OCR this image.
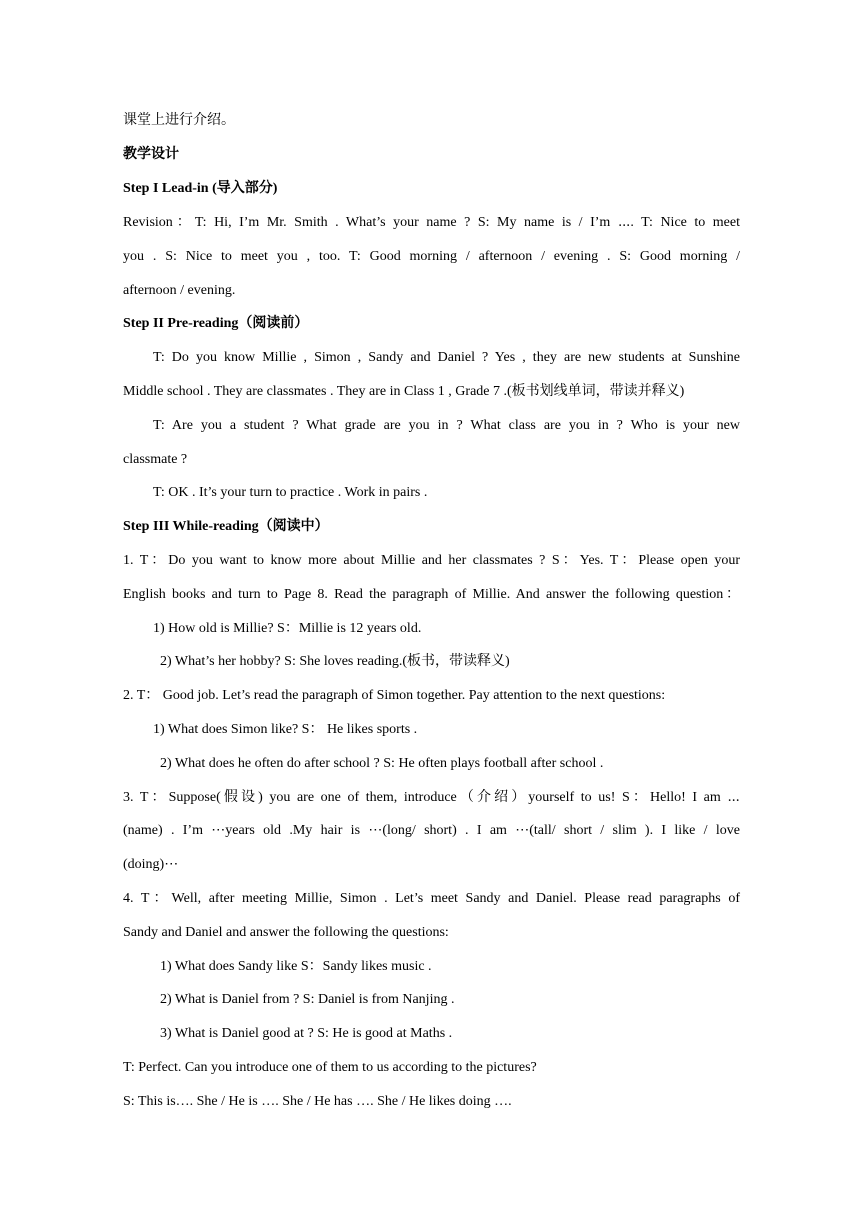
课堂上进行介绍。
教学设计
Step I Lead-in (导入部分)
Revision：T: Hi, I’m Mr. Smith . What’s your name ? S: My name is / I’m ⋯. T: Nice to meet
you . S: Nice to meet you , too. T: Good morning / afternoon / evening . S: Good morning /
afternoon / evening.
Step II Pre-reading（阅读前）
T: Do you know Millie , Simon , Sandy and Daniel ? Yes , they are new students at Sunshine
Middle school . They are classmates . They are in Class 1 , Grade 7 .(板书划线单词，带读并释义)
T: Are you a student ? What grade are you in ? What class are you in ? Who is your new
classmate ?
T: OK . It’s your turn to practice . Work in pairs .
Step III While-reading（阅读中）
1. T：Do you want to know more about Millie and her classmates ? S：Yes. T：Please open your
English books and turn to Page 8. Read the paragraph of Millie. And answer the following question：
1) How old is Millie? S：Millie is 12 years old.
2) What’s her hobby? S: She loves reading.(板书，带读释义)
2. T： Good job. Let’s read the paragraph of Simon together. Pay attention to the next questions:
1) What does Simon like? S： He likes sports .
2) What does he often do after school ? S: He often plays football after school .
3. T：Suppose(假设) you are one of them, introduce（介绍）yourself to us! S：Hello! I am ⋯
(name) . I’m ⋯years old .My hair is ⋯(long/ short) . I am ⋯(tall/ short / slim ). I like / love
(doing)⋯
4. T：Well, after meeting Millie, Simon . Let’s meet Sandy and Daniel. Please read paragraphs of
Sandy and Daniel and answer the following the questions:
1) What does Sandy like S：Sandy likes music .
2) What is Daniel from ? S: Daniel is from Nanjing .
3) What is Daniel good at ? S: He is good at Maths .
T: Perfect. Can you introduce one of them to us according to the pictures?
S: This is…. She / He is …. She / He has …. She / He likes doing ….
